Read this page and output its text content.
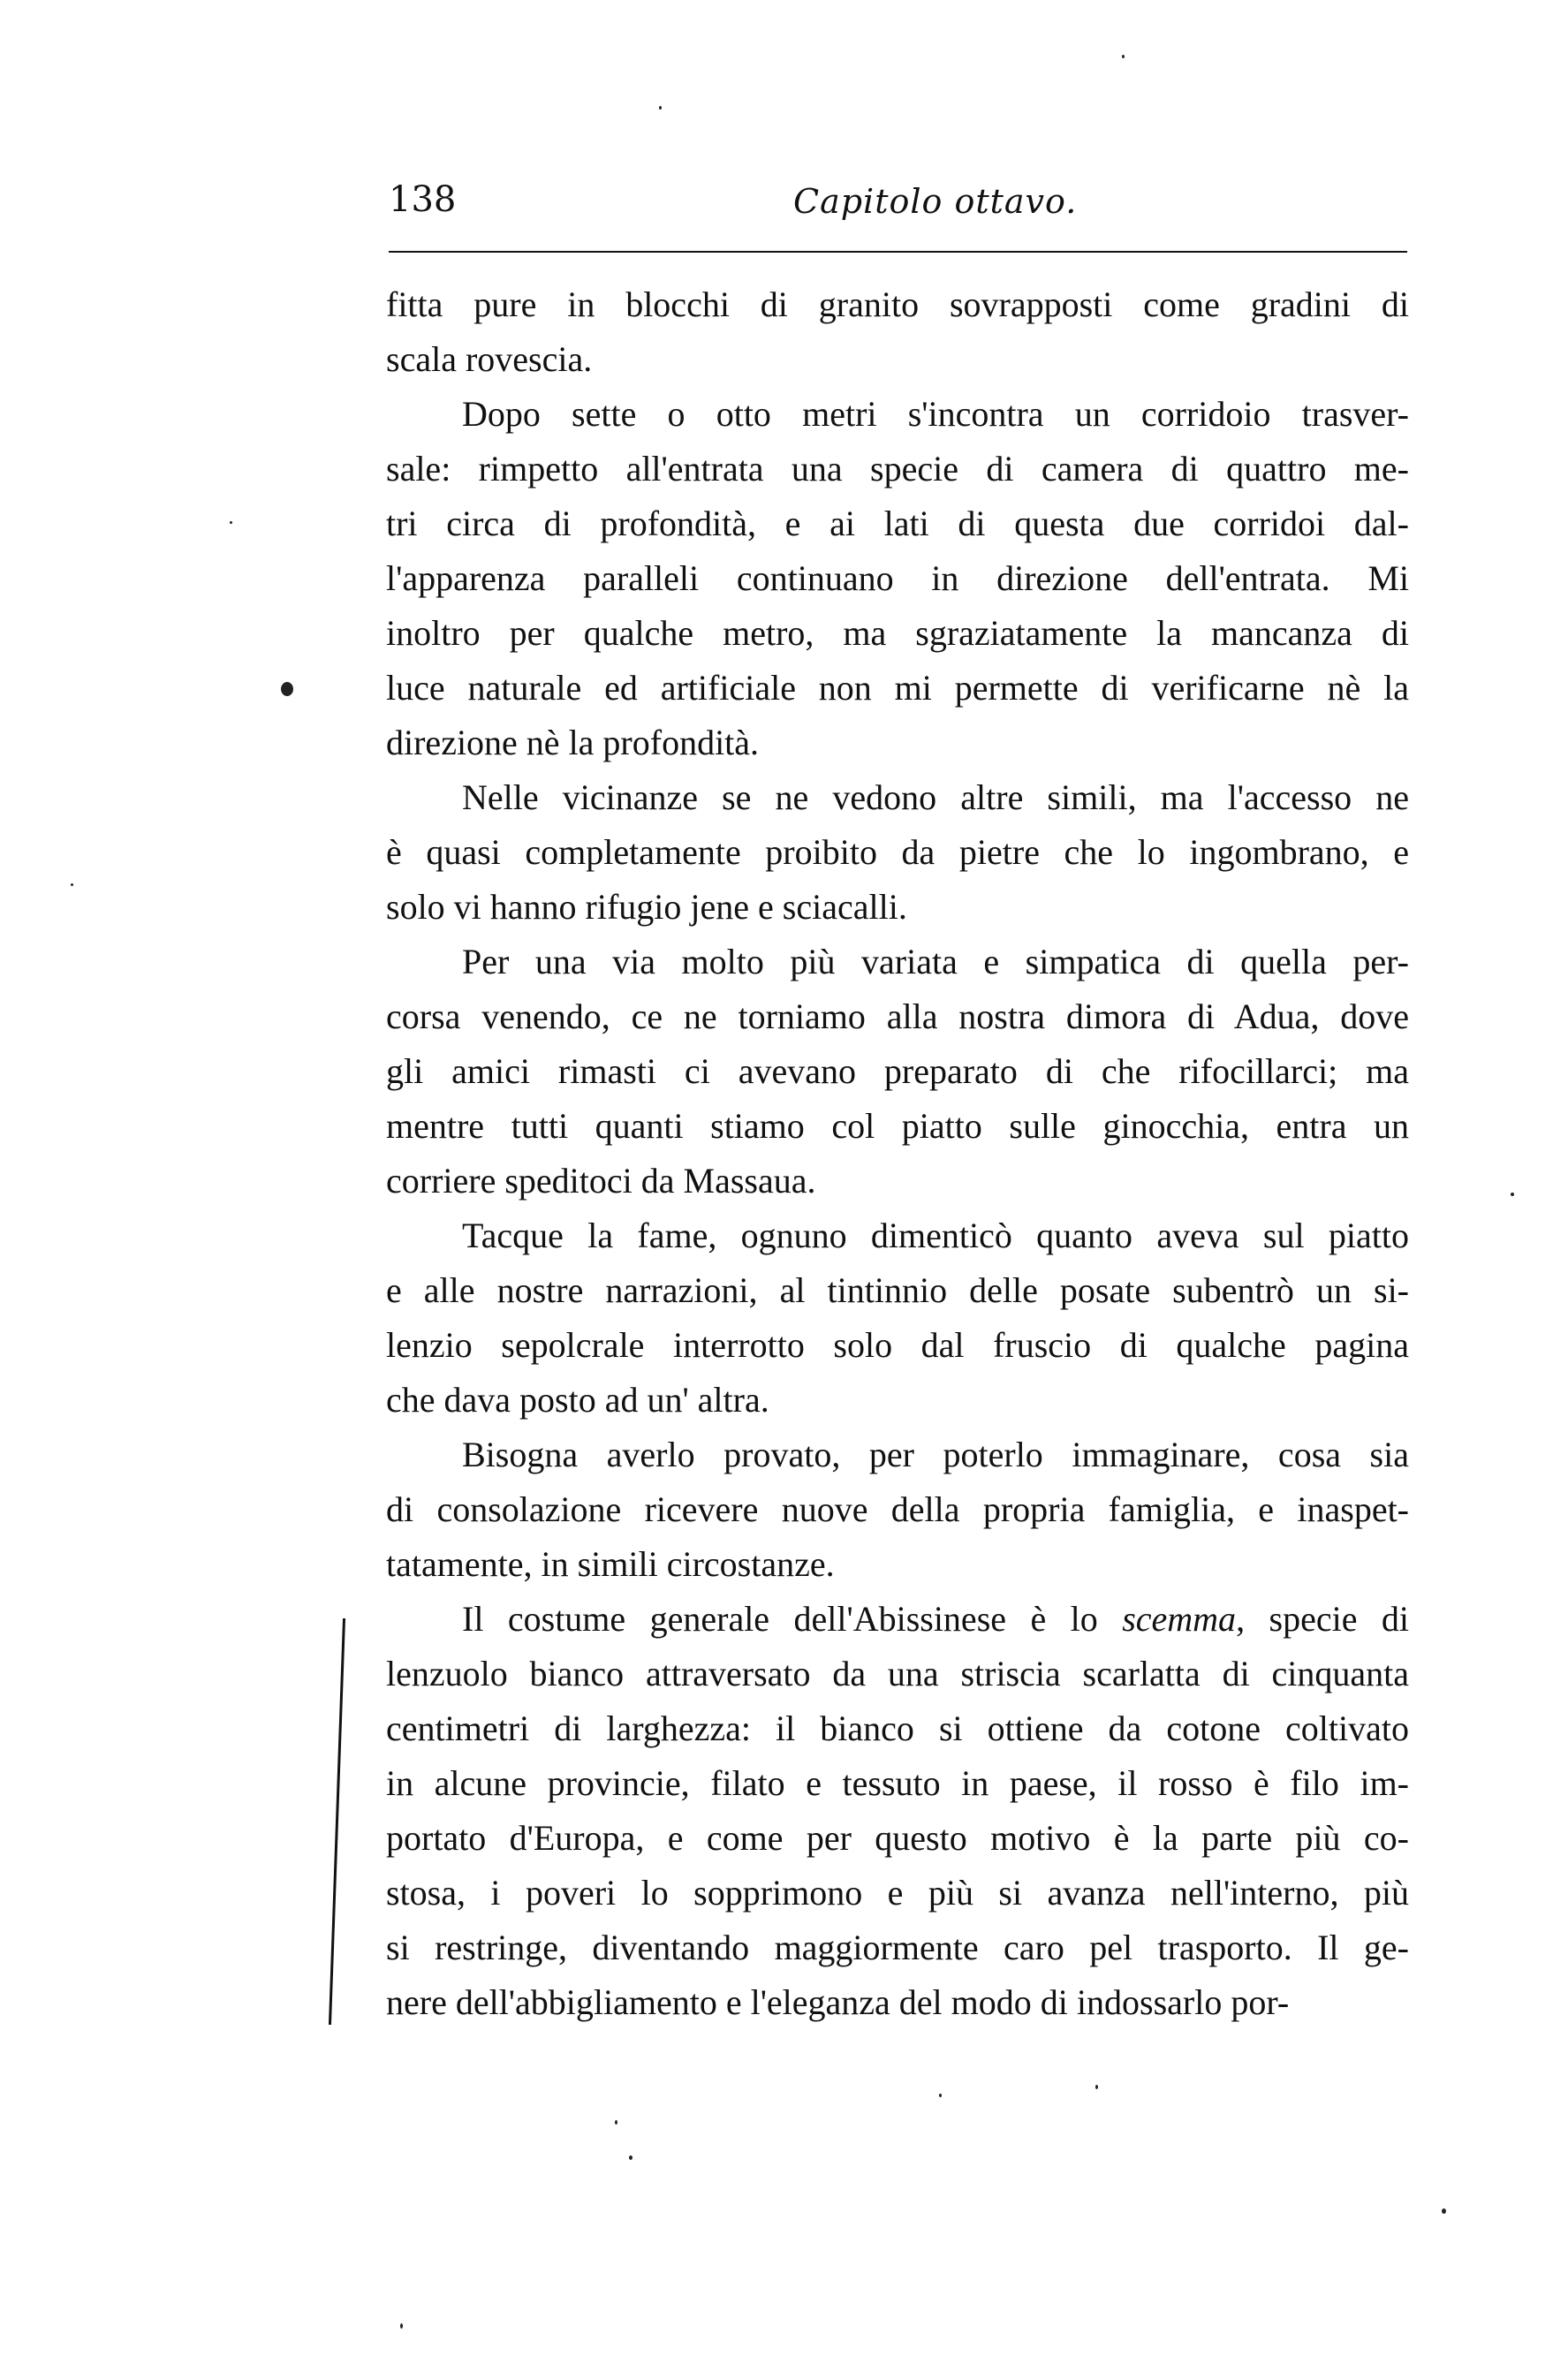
138	Capitolo ottavo.
fitta pure in blocchi di granito sovrapposti come gradini di
scala rovescia.
Dopo sette o otto metri s'incontra un corridoio trasver-
sale: rimpetto all'entrata una specie di camera di quattro me-
tri circa di profondità, e ai lati di questa due corridoi dal-
l'apparenza paralleli continuano in direzione dell'entrata. Mi
inoltro per qualche metro, ma sgraziatamente la mancanza di
luce naturale ed artificiale non mi permette di verificarne nè la
direzione nè la profondità.
Nelle vicinanze se ne vedono altre simili, ma l'accesso ne
è quasi completamente proibito da pietre che lo ingombrano, e
solo vi hanno rifugio jene e sciacalli.
Per una via molto più variata e simpatica di quella per-
corsa venendo, ce ne torniamo alla nostra dimora di Adua, dove
gli amici rimasti ci avevano preparato di che rifocillarci; ma
mentre tutti quanti stiamo col piatto sulle ginocchia, entra un
corriere speditoci da Massaua.
Tacque la fame, ognuno dimenticò quanto aveva sul piatto
e alle nostre narrazioni, al tintinnio delle posate subentrò un si-
lenzio sepolcrale interrotto solo dal fruscio di qualche pagina
che dava posto ad un' altra.
Bisogna averlo provato, per poterlo immaginare, cosa sia
di consolazione ricevere nuove della propria famiglia, e inaspet-
tatamente, in simili circostanze.
Il costume generale dell'Abissinese è lo scemma, specie di
lenzuolo bianco attraversato da una striscia scarlatta di cinquanta
centimetri di larghezza: il bianco si ottiene da cotone coltivato
in alcune provincie, filato e tessuto in paese, il rosso è filo im-
portato d'Europa, e come per questo motivo è la parte più co-
stosa, i poveri lo sopprimono e più si avanza nell'interno, più
si restringe, diventando maggiormente caro pel trasporto. Il ge-
nere dell'abbigliamento e l'eleganza del modo di indossarlo por-
